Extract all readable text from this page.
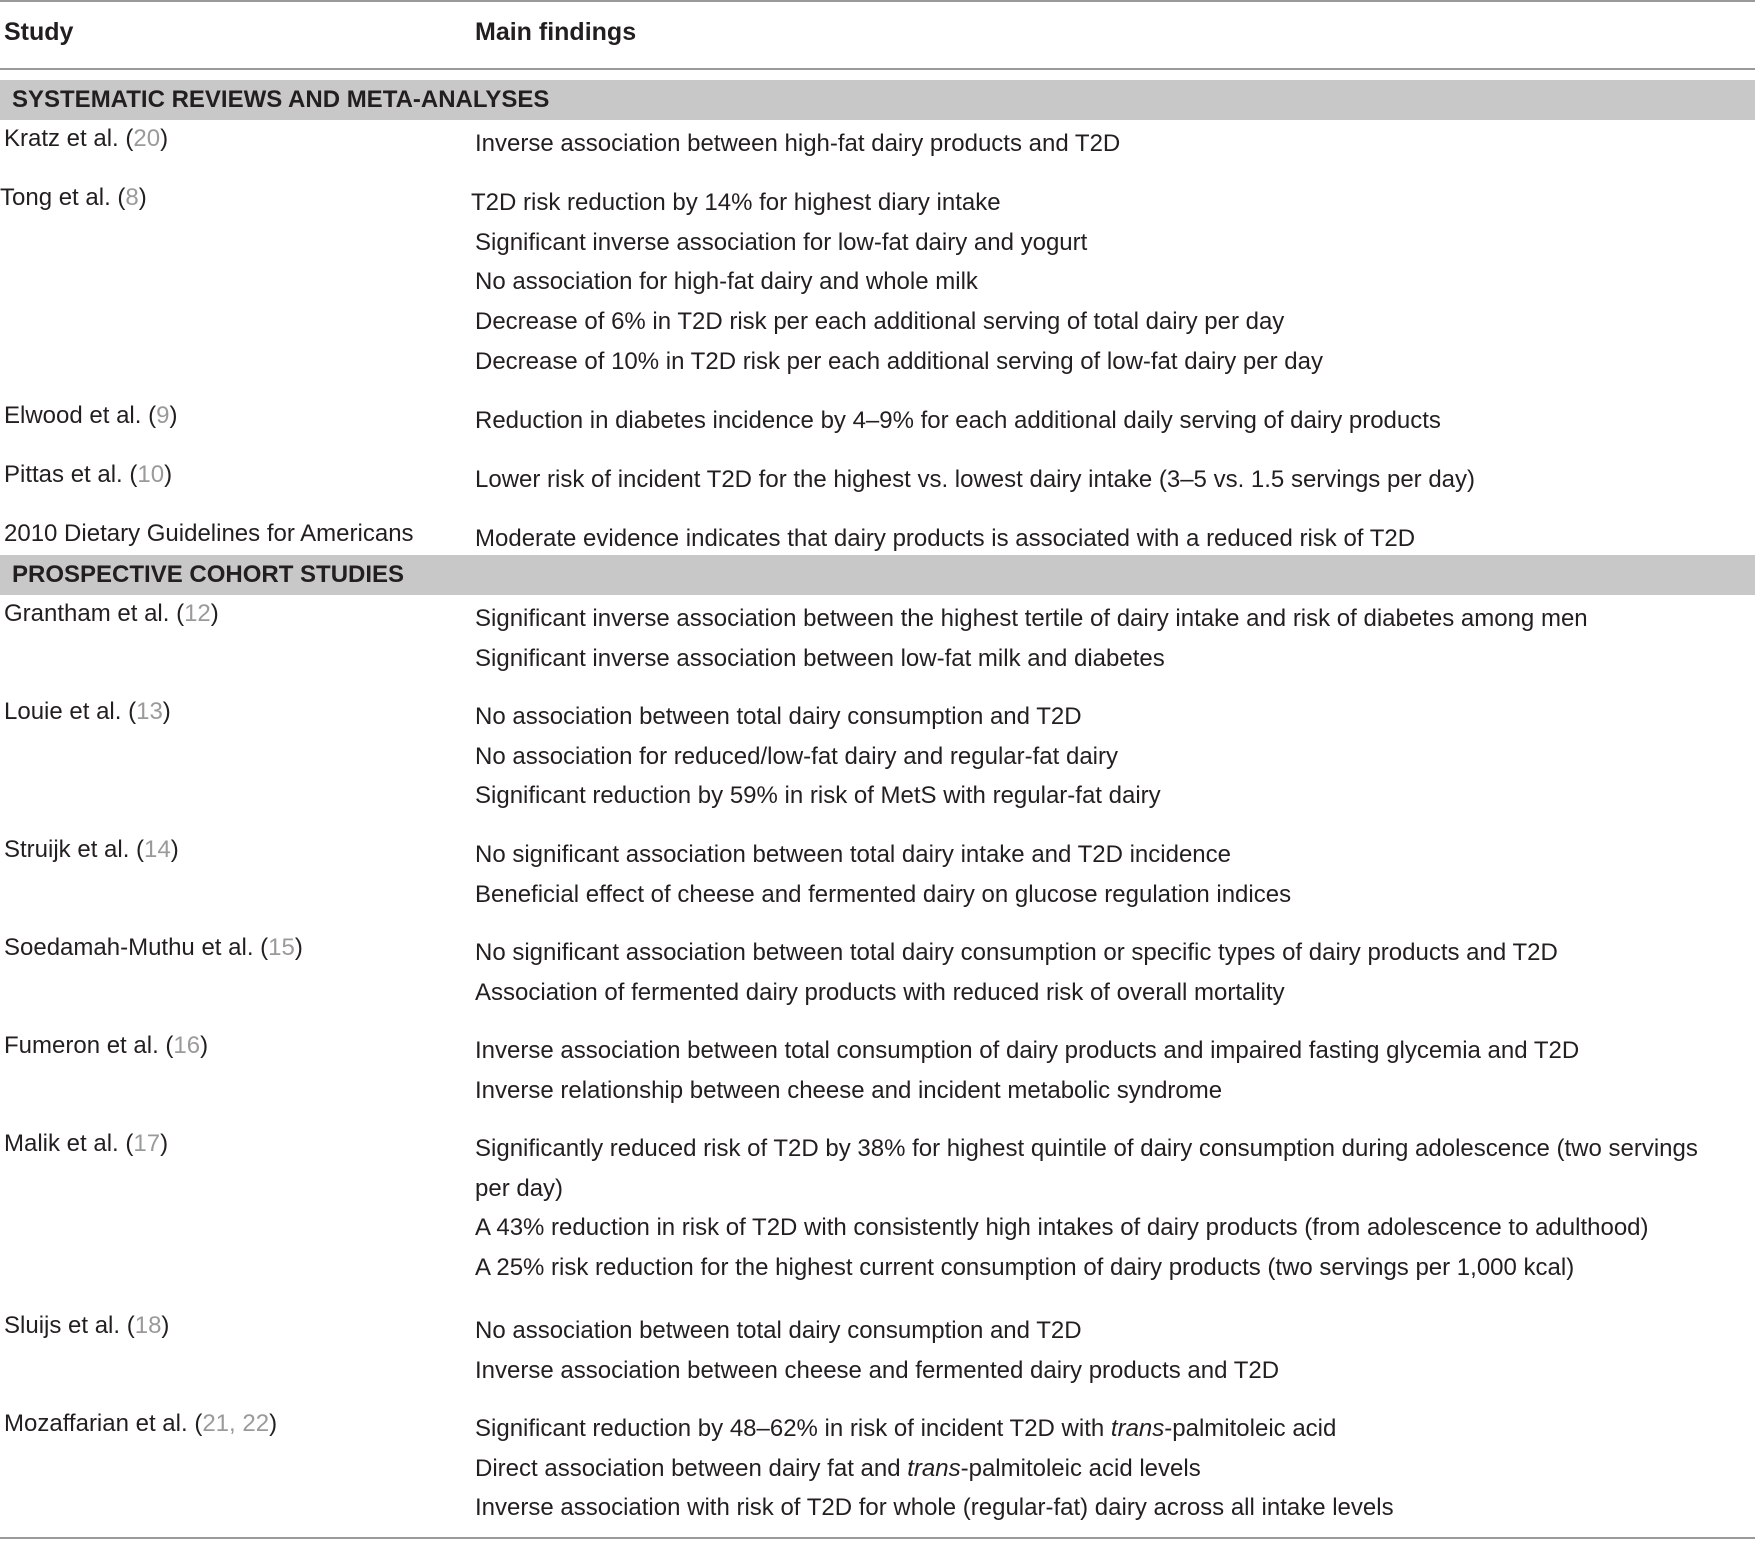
Study	Main findings
SYSTEMATIC REVIEWS AND META-ANALYSES
Kratz et al. (20)	Inverse association between high-fat dairy products and T2D
Tong et al. (8)	T2D risk reduction by 14% for highest diary intake
Significant inverse association for low-fat dairy and yogurt
No association for high-fat dairy and whole milk
Decrease of 6% in T2D risk per each additional serving of total dairy per day
Decrease of 10% in T2D risk per each additional serving of low-fat dairy per day
Elwood et al. (9)	Reduction in diabetes incidence by 4–9% for each additional daily serving of dairy products
Pittas et al. (10)	Lower risk of incident T2D for the highest vs. lowest dairy intake (3–5 vs. 1.5 servings per day)
2010 Dietary Guidelines for Americans	Moderate evidence indicates that dairy products is associated with a reduced risk of T2D
PROSPECTIVE COHORT STUDIES
Grantham et al. (12)	Significant inverse association between the highest tertile of dairy intake and risk of diabetes among men
Significant inverse association between low-fat milk and diabetes
Louie et al. (13)	No association between total dairy consumption and T2D
No association for reduced/low-fat dairy and regular-fat dairy
Significant reduction by 59% in risk of MetS with regular-fat dairy
Struijk et al. (14)	No significant association between total dairy intake and T2D incidence
Beneficial effect of cheese and fermented dairy on glucose regulation indices
Soedamah-Muthu et al. (15)	No significant association between total dairy consumption or specific types of dairy products and T2D
Association of fermented dairy products with reduced risk of overall mortality
Fumeron et al. (16)	Inverse association between total consumption of dairy products and impaired fasting glycemia and T2D
Inverse relationship between cheese and incident metabolic syndrome
Malik et al. (17)	Significantly reduced risk of T2D by 38% for highest quintile of dairy consumption during adolescence (two servings per day)
A 43% reduction in risk of T2D with consistently high intakes of dairy products (from adolescence to adulthood)
A 25% risk reduction for the highest current consumption of dairy products (two servings per 1,000 kcal)
Sluijs et al. (18)	No association between total dairy consumption and T2D
Inverse association between cheese and fermented dairy products and T2D
Mozaffarian et al. (21, 22)	Significant reduction by 48–62% in risk of incident T2D with trans-palmitoleic acid
Direct association between dairy fat and trans-palmitoleic acid levels
Inverse association with risk of T2D for whole (regular-fat) dairy across all intake levels
